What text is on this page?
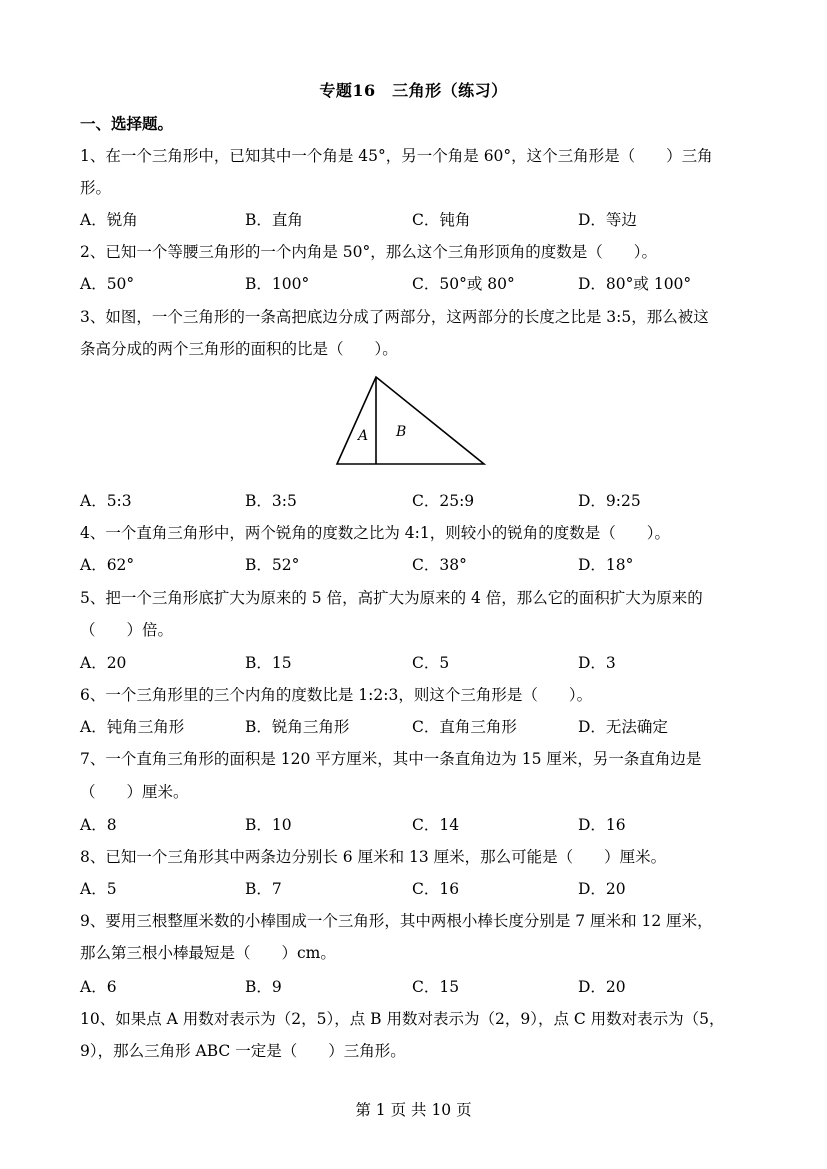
专题16　三角形（练习）
一、选择题。
1、在一个三角形中，已知其中一个角是 45°，另一个角是 60°，这个三角形是（　　）三角
形。
A．锐角	B．直角	C．钝角	D．等边
2、已知一个等腰三角形的一个内角是 50°，那么这个三角形顶角的度数是（　　）。
A．50°	B．100°	C．50°或 80°	D．80°或 100°
3、如图，一个三角形的一条高把底边分成了两部分，这两部分的长度之比是 3:5，那么被这
条高分成的两个三角形的面积的比是（　　）。
A B
A．5:3	B．3:5	C．25:9	D．9:25
4、一个直角三角形中，两个锐角的度数之比为 4:1，则较小的锐角的度数是（　　）。
A．62°	B．52°	C．38°	D．18°
5、把一个三角形底扩大为原来的 5 倍，高扩大为原来的 4 倍，那么它的面积扩大为原来的
（　　）倍。
A．20	B．15	C．5	D．3
6、一个三角形里的三个内角的度数比是 1:2:3，则这个三角形是（　　）。
A．钝角三角形	B．锐角三角形	C．直角三角形	D．无法确定
7、一个直角三角形的面积是 120 平方厘米，其中一条直角边为 15 厘米，另一条直角边是
（　　）厘米。
A．8	B．10	C．14	D．16
8、已知一个三角形其中两条边分别长 6 厘米和 13 厘米，那么可能是（　　）厘米。
A．5	B．7	C．16	D．20
9、要用三根整厘米数的小棒围成一个三角形，其中两根小棒长度分别是 7 厘米和 12 厘米，
那么第三根小棒最短是（　　）cm。
A．6	B．9	C．15	D．20
10、如果点 A 用数对表示为（2，5），点 B 用数对表示为（2，9），点 C 用数对表示为（5，
9），那么三角形 ABC 一定是（　　）三角形。
第 1 页 共 10 页
